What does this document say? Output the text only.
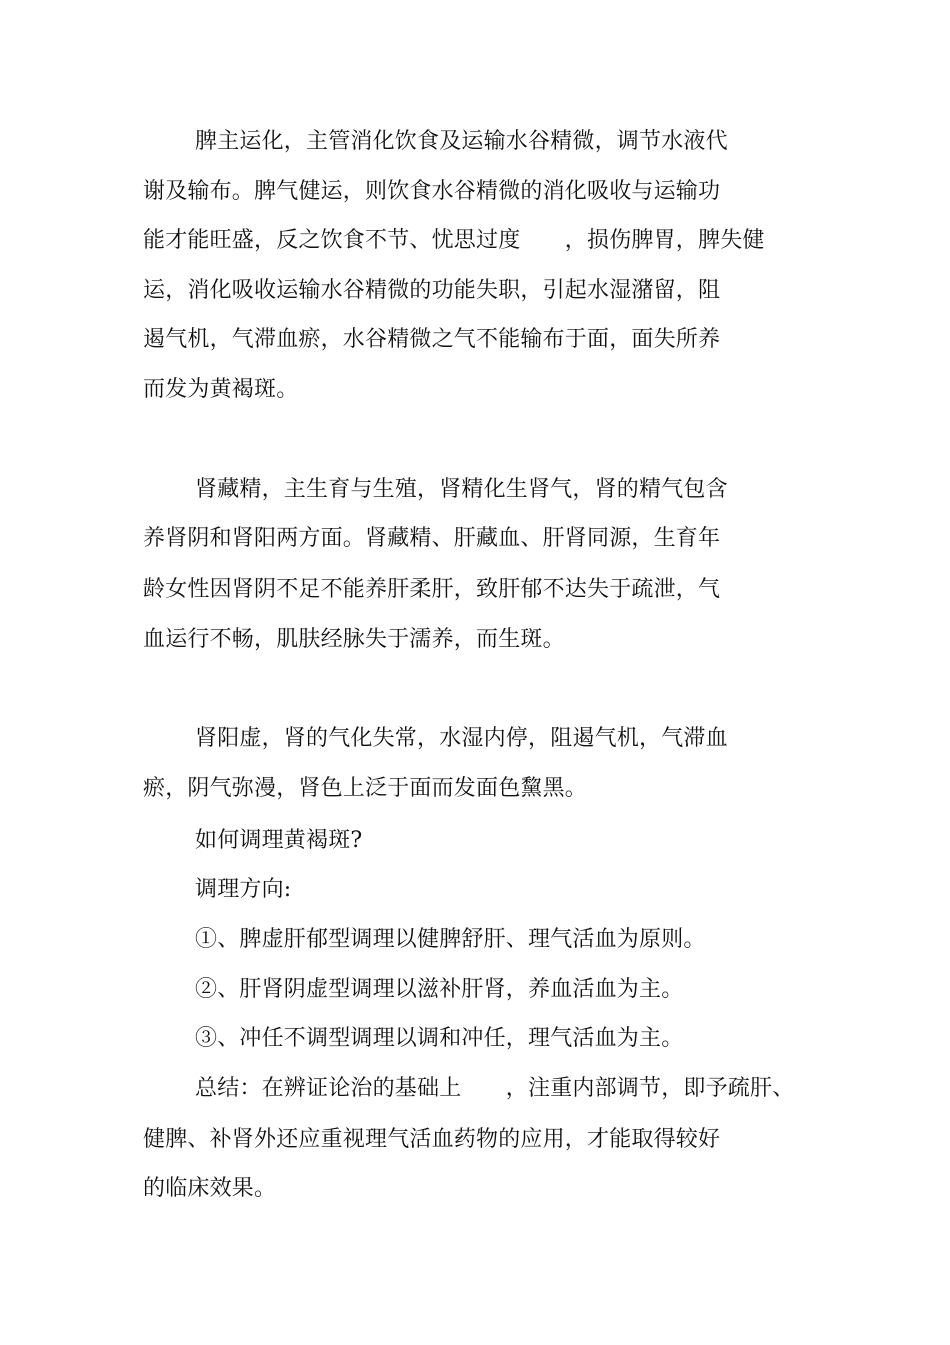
脾主运化，主管消化饮食及运输水谷精微，调节水液代
谢及输布。脾气健运，则饮食水谷精微的消化吸收与运输功
能才能旺盛，反之饮食不节、忧思过度　　，损伤脾胃，脾失健
运，消化吸收运输水谷精微的功能失职，引起水湿潴留，阻
遏气机，气滞血瘀，水谷精微之气不能输布于面，面失所养
而发为黄褐斑。
肾藏精，主生育与生殖，肾精化生肾气，肾的精气包含
养肾阴和肾阳两方面。肾藏精、肝藏血、肝肾同源，生育年
龄女性因肾阴不足不能养肝柔肝，致肝郁不达失于疏泄，气
血运行不畅，肌肤经脉失于濡养，而生斑。
肾阳虚，肾的气化失常，水湿内停，阻遏气机，气滞血
瘀，阴气弥漫，肾色上泛于面而发面色黧黑。
如何调理黄褐斑?
调理方向:
①、脾虚肝郁型调理以健脾舒肝、理气活血为原则。
②、肝肾阴虚型调理以滋补肝肾，养血活血为主。
③、冲任不调型调理以调和冲任，理气活血为主。
总结：在辨证论治的基础上　　，注重内部调节，即予疏肝、
健脾、补肾外还应重视理气活血药物的应用，才能取得较好
的临床效果。
